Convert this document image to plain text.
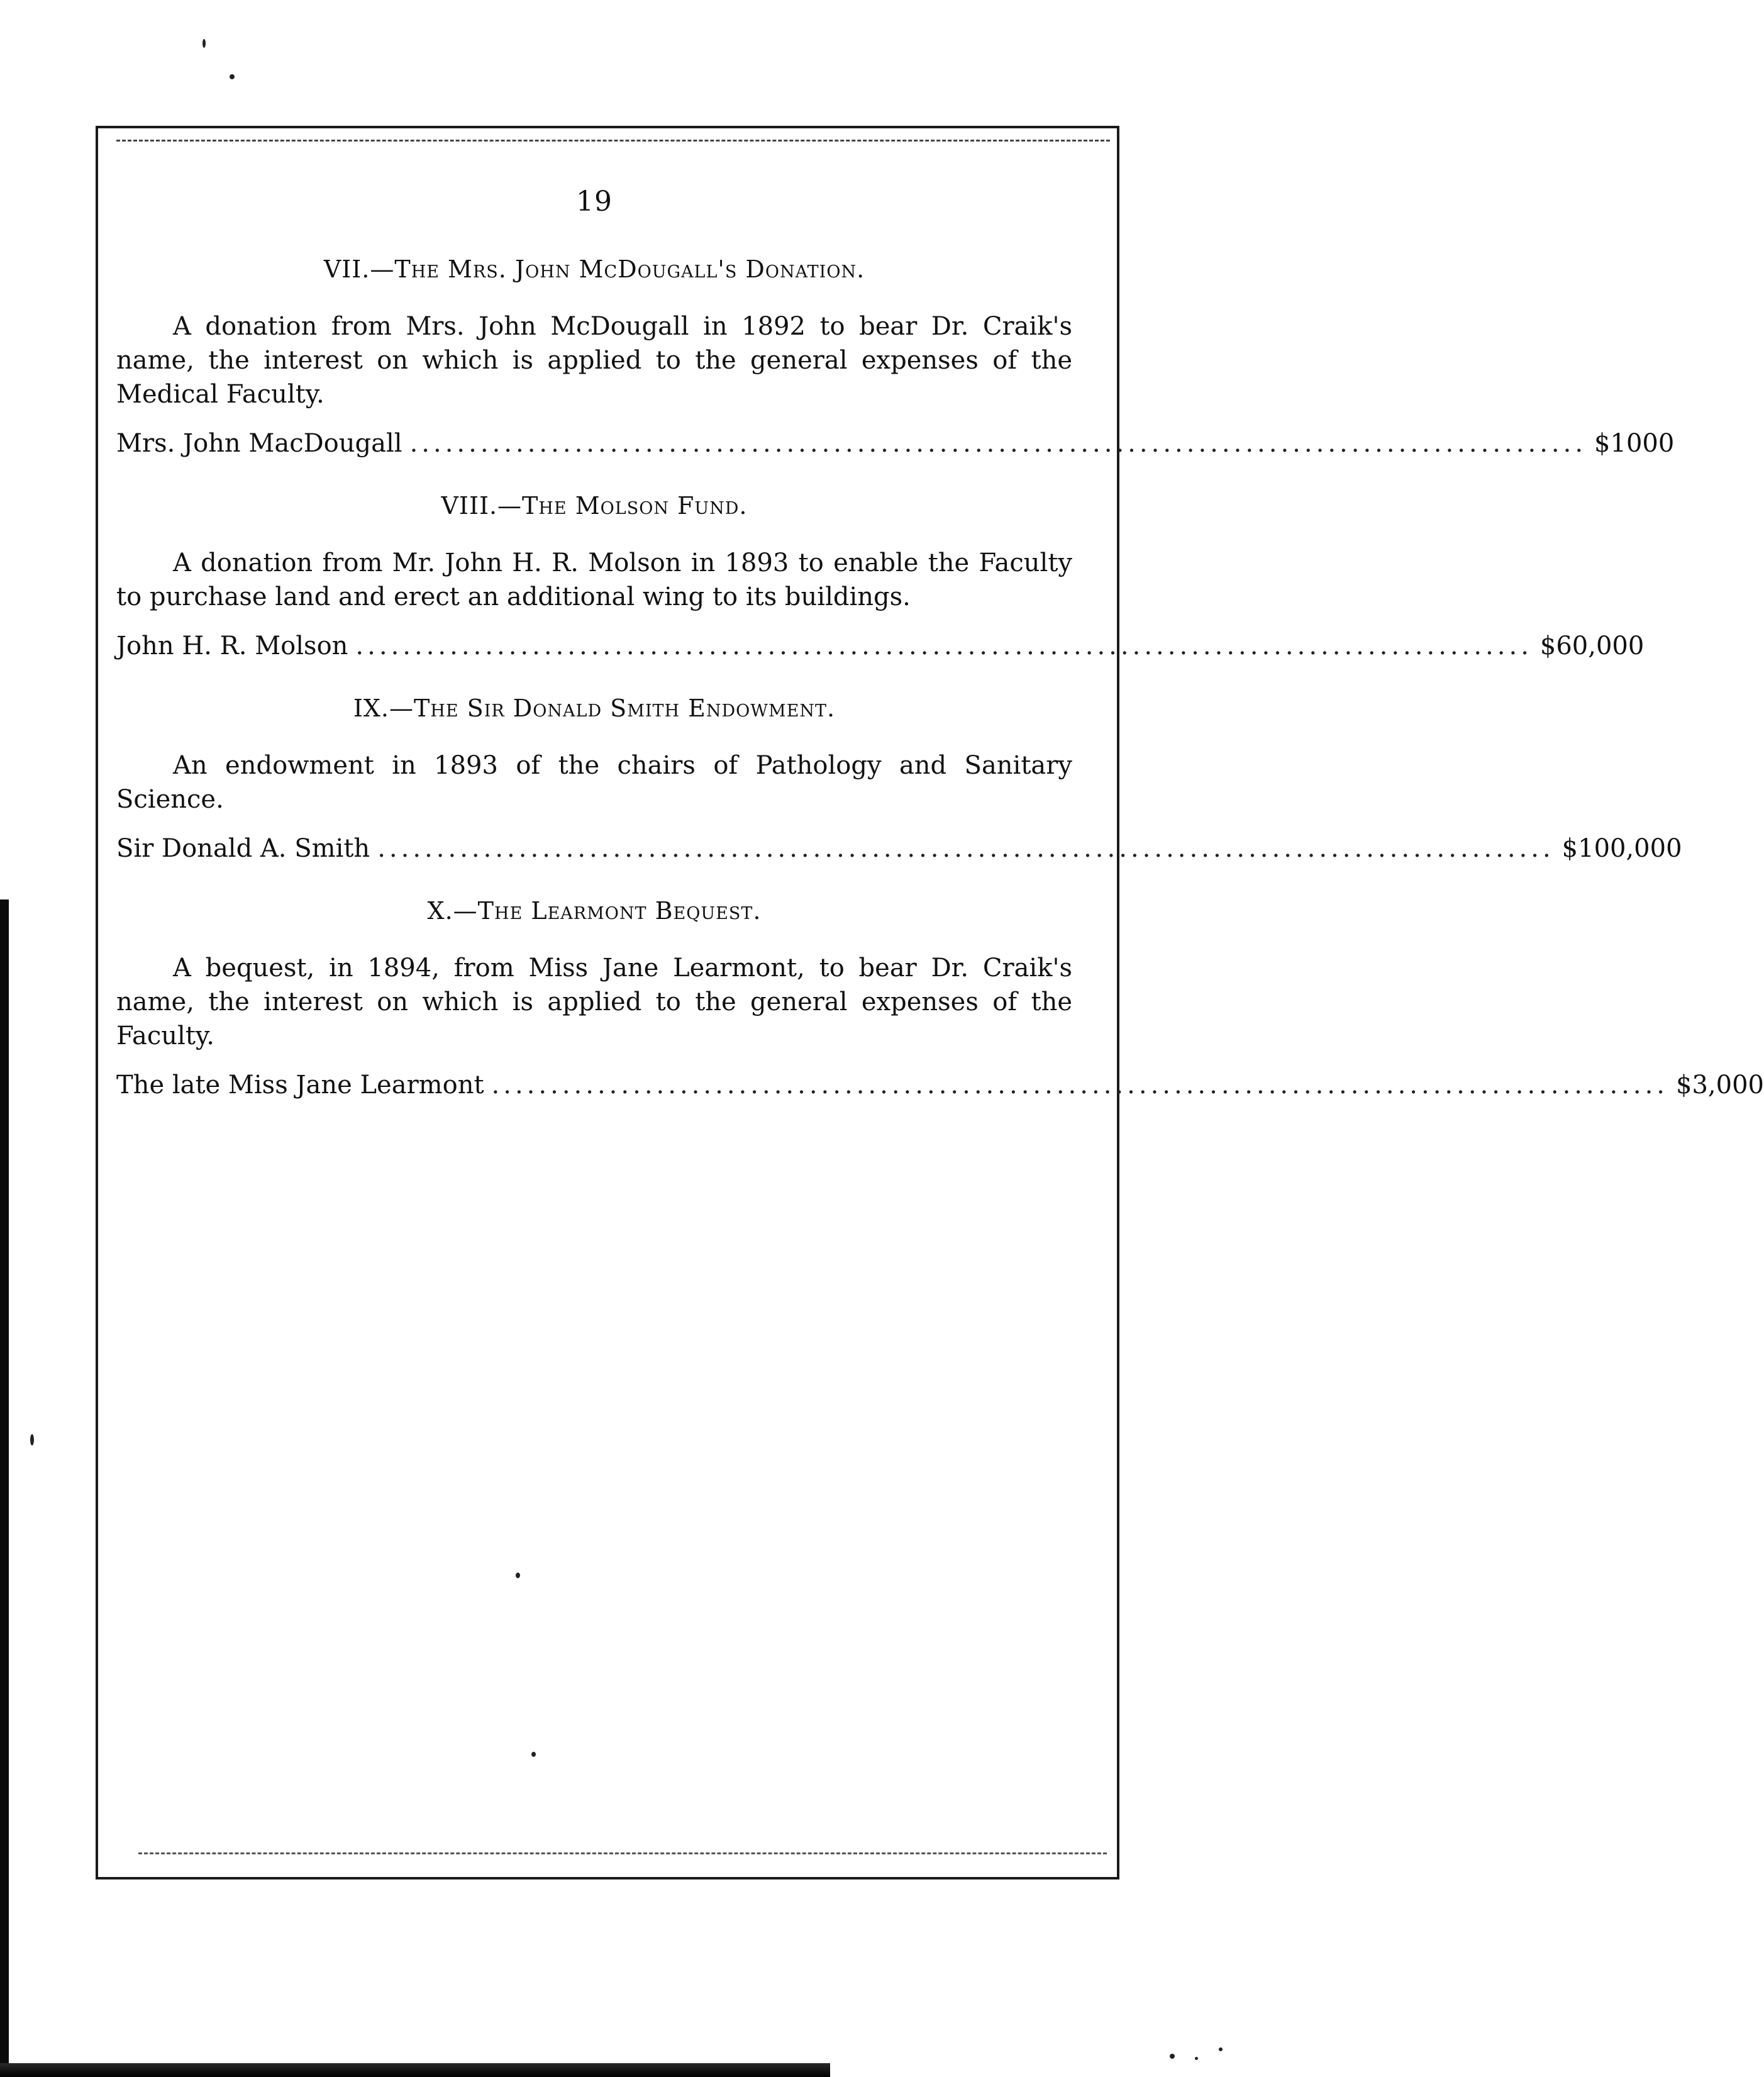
19
VII.—The Mrs. John McDougall's Donation.

A donation from Mrs. John McDougall in 1892 to bear Dr. Craik's name, the interest on which is applied to the general expenses of the Medical Faculty.

Mrs. John MacDougall .................................................................................................... $1000
VIII.—The Molson Fund.

A donation from Mr. John H. R. Molson in 1893 to enable the Faculty to purchase land and erect an additional wing to its buildings.

John H. R. Molson .................................................................................................... $60,000
IX.—The Sir Donald Smith Endowment.

An endowment in 1893 of the chairs of Pathology and Sanitary Science.

Sir Donald A. Smith .................................................................................................... $100,000
X.—The Learmont Bequest.

A bequest, in 1894, from Miss Jane Learmont, to bear Dr. Craik's name, the interest on which is applied to the general expenses of the Faculty.

The late Miss Jane Learmont .................................................................................................... $3,000
